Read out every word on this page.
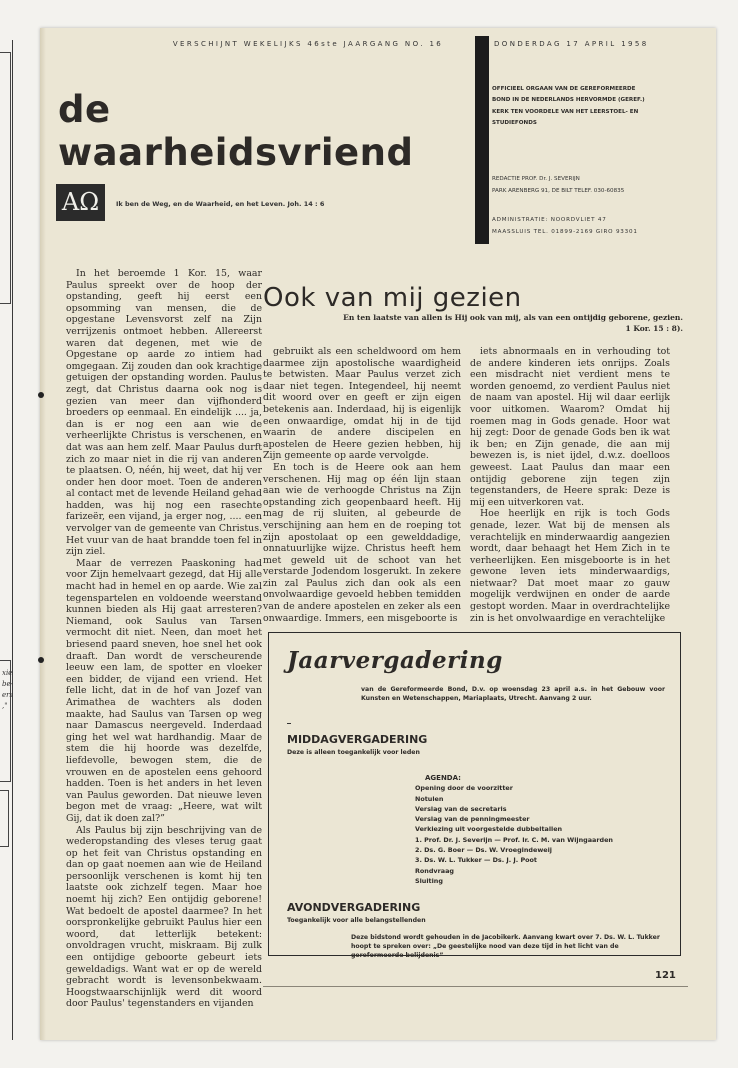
VERSCHIJNT WEKELIJKS 46ste JAARGANG NO. 16	DONDERDAG 17 APRIL 1958
de waarheidsvriend
AΩ	Ik ben de Weg, en de Waarheid, en het Leven. Joh. 14 : 6
OFFICIEEL ORGAAN VAN DE GEREFORMEERDE
BOND IN DE NEDERLANDS HERVORMDE (GEREF.)
KERK TEN VOORDELE VAN HET LEERSTOEL- EN
STUDIEFONDS
REDACTIE PROF. Dr. J. SEVERIJN
PARK ARENBERG 91, DE BILT TELEF. 030-60835
ADMINISTRATIE: NOORDVLIET 47
MAASSLUIS TEL. 01899-2169 GIRO 93301
Ook van mij gezien
En ten laatste van allen is Hij ook van mij, als van een ontijdig geborene, gezien.
1 Kor. 15 : 8).

In het beroemde 1 Kor. 15, waar Paulus spreekt over de hoop der opstanding, geeft hij eerst een opsomming van mensen, die de opgestane Levensvorst zelf na Zijn verrijzenis ontmoet hebben. Allereerst waren dat degenen, met wie de Opgestane op aarde zo intiem had omgegaan. Zij zouden dan ook krachtige getuigen der opstanding worden. Paulus zegt, dat Christus daarna ook nog is gezien van meer dan vijfhonderd broeders op eenmaal. En eindelijk .... ja, dan is er nog een aan wie de verheerlijkte Christus is verschenen, en dat was aan hem zelf. Maar Paulus durft zich zo maar niet in die rij van anderen te plaatsen. O, néén, hij weet, dat hij ver onder hen door moet. Toen de anderen al contact met de levende Heiland gehad hadden, was hij nog een rasechte farizeër, een vijand, ja erger nog, .... een vervolger van de gemeente van Christus. Het vuur van de haat brandde toen fel in zijn ziel.

Maar de verrezen Paaskoning had voor Zijn hemelvaart gezegd, dat Hij alle macht had in hemel en op aarde. Wie zal tegenspartelen en voldoende weerstand kunnen bieden als Hij gaat arresteren? Niemand, ook Saulus van Tarsen vermocht dit niet. Neen, dan moet het briesend paard sneven, hoe snel het ook draaft. Dan wordt de verscheurende leeuw een lam, de spotter en vloeker een bidder, de vijand een vriend. Het felle licht, dat in de hof van Jozef van Arimathea de wachters als doden maakte, had Saulus van Tarsen op weg naar Damascus neergeveld. Inderdaad ging het wel wat hardhandig. Maar de stem die hij hoorde was dezelfde, liefdevolle, bewogen stem, die de vrouwen en de apostelen eens gehoord hadden. Toen is het anders in het leven van Paulus geworden. Dat nieuwe leven begon met de vraag: „Heere, wat wilt Gij, dat ik doen zal?”

Als Paulus bij zijn beschrijving van de wederopstanding des vleses terug gaat op het feit van Christus opstanding en dan op gaat noemen aan wie de Heiland persoonlijk verschenen is komt hij ten laatste ook zichzelf tegen. Maar hoe noemt hij zich? Een ontijdig geborene! Wat bedoelt de apostel daarmee? In het oorspronkelijke gebruikt Paulus hier een woord, dat letterlijk betekent: onvoldragen vrucht, miskraam. Bij zulk een ontijdige geboorte gebeurt iets geweldadigs. Want wat er op de wereld gebracht wordt is levensonbekwaam. Hoogstwaarschijnlijk werd dit woord door Paulus' tegenstanders en vijanden

gebruikt als een scheldwoord om hem daarmee zijn apostolische waardigheid te betwisten. Maar Paulus verzet zich daar niet tegen. Integendeel, hij neemt dit woord over en geeft er zijn eigen betekenis aan. Inderdaad, hij is eigenlijk een onwaardige, omdat hij in de tijd waarin de andere discipelen en apostelen de Heere gezien hebben, hij Zijn gemeente op aarde vervolgde.

En toch is de Heere ook aan hem verschenen. Hij mag op één lijn staan aan wie de verhoogde Christus na Zijn opstanding zich geopenbaard heeft. Hij mag de rij sluiten, al gebeurde de verschijning aan hem en de roeping tot zijn apostolaat op een gewelddadige, onnatuurlijke wijze. Christus heeft hem met geweld uit de schoot van het verstarde Jodendom losgerukt. In zekere zin zal Paulus zich dan ook als een onvolwaardige gevoeld hebben temidden van de andere apostelen en zeker als een onwaardige. Immers, een misgeboorte is

iets abnormaals en in verhouding tot de andere kinderen iets onrijps. Zoals een misdracht niet verdient mens te worden genoemd, zo verdient Paulus niet de naam van apostel. Hij wil daar eerlijk voor uitkomen. Waarom? Omdat hij roemen mag in Gods genade. Hoor wat hij zegt: Door de genade Gods ben ik wat ik ben; en Zijn genade, die aan mij bewezen is, is niet ijdel, d.w.z. doelloos geweest. Laat Paulus dan maar een ontijdig geborene zijn tegen zijn tegenstanders, de Heere sprak: Deze is mij een uitverkoren vat.

Hoe heerlijk en rijk is toch Gods genade, lezer. Wat bij de mensen als verachtelijk en minderwaardig aangezien wordt, daar behaagt het Hem Zich in te verheerlijken. Een misgeboorte is in het gewone leven iets minderwaardigs, nietwaar? Dat moet maar zo gauw mogelijk verdwijnen en onder de aarde gestopt worden. Maar in overdrachtelijke zin is het onvolwaardige en verachtelijke

Jaarvergadering
van de Gereformeerde Bond, D.v. op woensdag 23 april a.s. in het Gebouw voor Kunsten en Wetenschappen, Mariaplaats, Utrecht. Aanvang 2 uur.
MIDDAGVERGADERING
Deze is alleen toegankelijk voor leden
AGENDA:
Opening door de voorzitter
Notulen
Verslag van de secretaris
Verslag van de penningmeester
Verkiezing uit voorgestelde dubbeltallen
1. Prof. Dr. J. Severijn — Prof. Ir. C. M. van Wijngaarden
2. Ds. G. Boer — Ds. W. Vroegindeweij
3. Ds. W. L. Tukker — Ds. J. J. Poot
Rondvraag
Sluiting
AVONDVERGADERING
Toegankelijk voor alle belangstellenden
Deze bidstond wordt gehouden in de Jacobikerk. Aanvang kwart over 7. Ds. W. L. Tukker hoopt te spreken over: „De geestelijke nood van deze tijd in het licht van de gereformeerde belijdenis”
121
xie
be-
ers
,"
